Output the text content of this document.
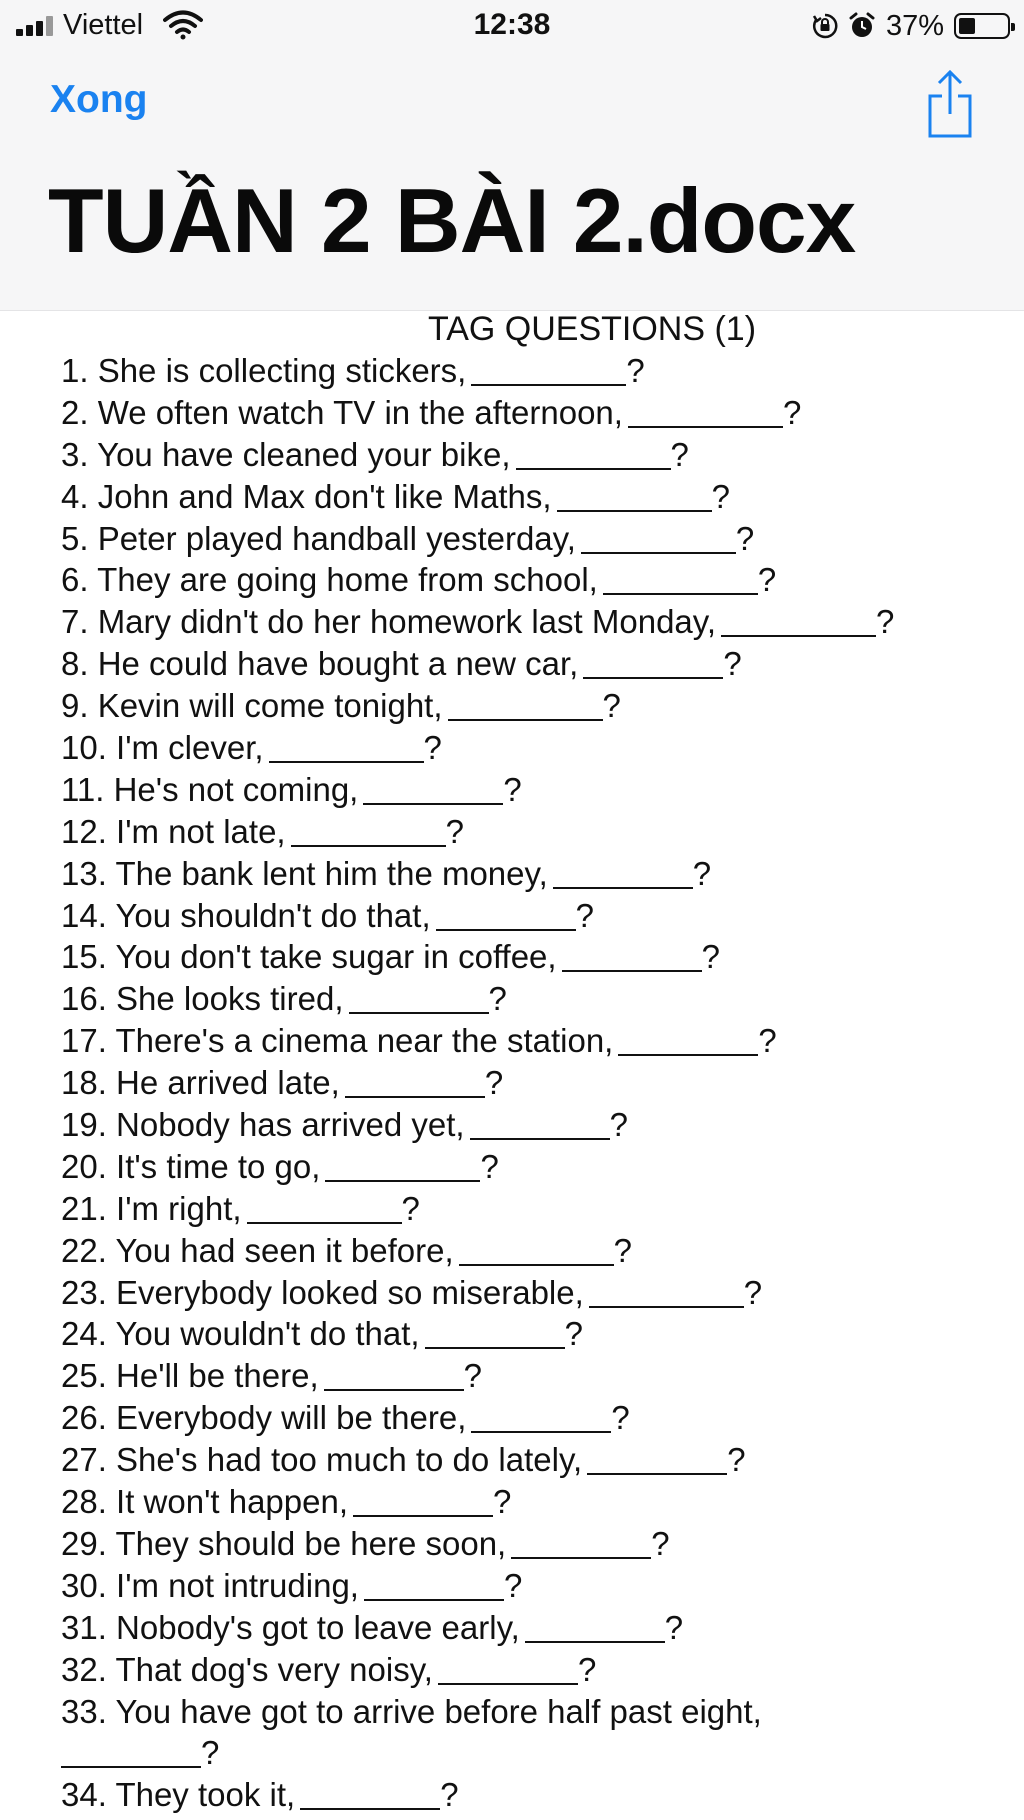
Viettel	12:38	37%
Xong
TUẦN 2 BÀI 2.docx
TAG QUESTIONS (1)
1. She is collecting stickers,	?
2. We often watch TV in the afternoon,	?
3. You have cleaned your bike,	?
4. John and Max don't like Maths,	?
5. Peter played handball yesterday,	?
6. They are going home from school,	?
7. Mary didn't do her homework last Monday,	?
8. He could have bought a new car,	?
9. Kevin will come tonight,	?
10. I'm clever,	?
11. He's not coming,	?
12. I'm not late,	?
13. The bank lent him the money,	?
14. You shouldn't do that,	?
15. You don't take sugar in coffee,	?
16. She looks tired,	?
17. There's a cinema near the station,	?
18. He arrived late,	?
19. Nobody has arrived yet,	?
20. It's time to go,	?
21. I'm right,	?
22. You had seen it before,	?
23. Everybody looked so miserable,	?
24. You wouldn't do that,	?
25. He'll be there,	?
26. Everybody will be there,	?
27. She's had too much to do lately,	?
28. It won't happen,	?
29. They should be here soon,	?
30. I'm not intruding,	?
31. Nobody's got to leave early,	?
32. That dog's very noisy,	?
33. You have got to arrive before half past eight,
?
34. They took it,	?
